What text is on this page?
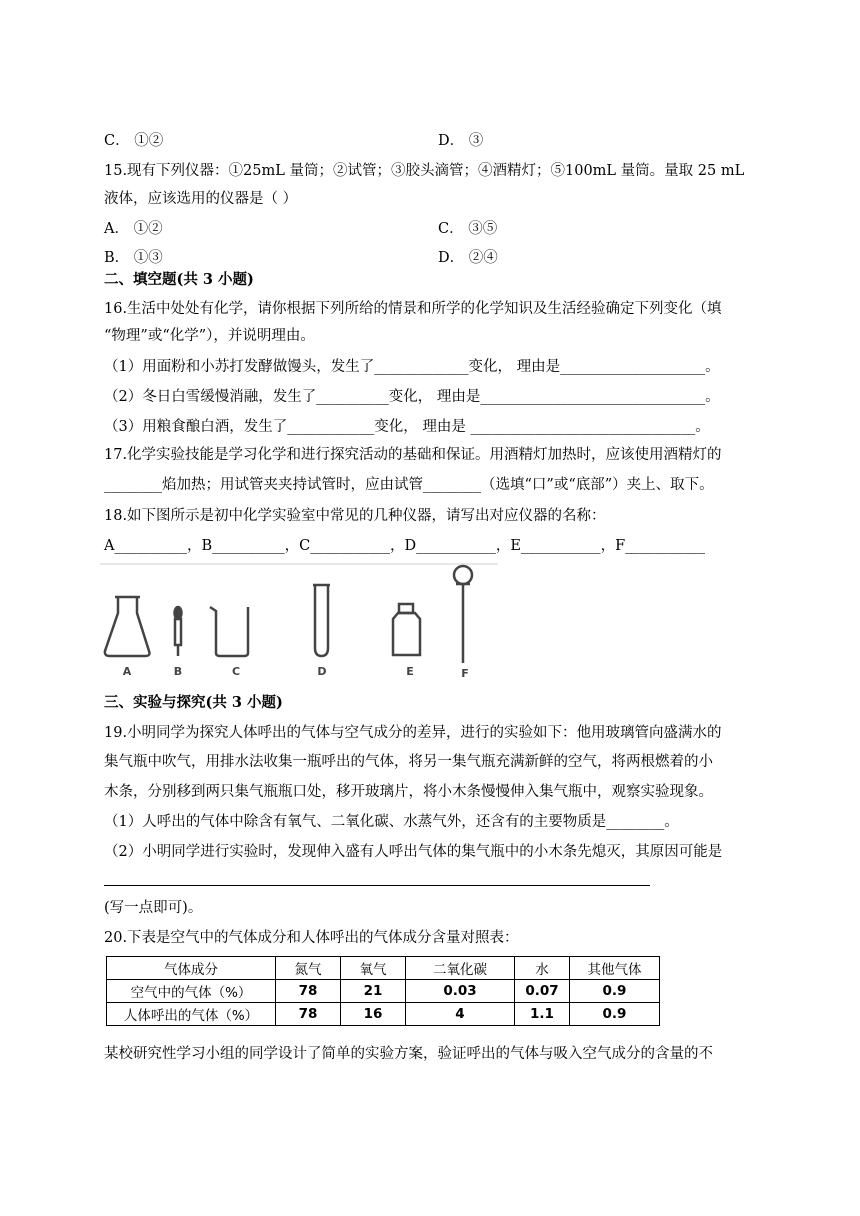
C． ①②	D． ③
15.现有下列仪器：①25mL 量筒；②试管；③胶头滴管；④酒精灯；⑤100mL 量筒。量取 25 mL
液体，应该选用的仪器是（ ）
A． ①②	C． ③⑤
B． ①③	D． ②④
二、填空题(共 3 小题)
16.生活中处处有化学，请你根据下列所给的情景和所学的化学知识及生活经验确定下列变化（填
“物理”或“化学”），并说明理由。
（1）用面粉和小苏打发酵做馒头，发生了_____________变化， 理由是____________________。
（2）冬日白雪缓慢消融，发生了__________变化， 理由是_______________________________。
（3）用粮食酿白酒，发生了____________变化， 理由是 _______________________________。
17.化学实验技能是学习化学和进行探究活动的基础和保证。用酒精灯加热时，应该使用酒精灯的
________焰加热；用试管夹夹持试管时，应由试管________（选填“口”或“底部”）夹上、取下。
18.如下图所示是初中化学实验室中常见的几种仪器，请写出对应仪器的名称：
A__________，B__________，C___________，D___________，E___________，F___________
A	B	C	D	E	F
三、实验与探究(共 3 小题)
19.小明同学为探究人体呼出的气体与空气成分的差异，进行的实验如下：他用玻璃管向盛满水的
集气瓶中吹气，用排水法收集一瓶呼出的气体，将另一集气瓶充满新鲜的空气，将两根燃着的小
木条，分别移到两只集气瓶瓶口处，移开玻璃片，将小木条慢慢伸入集气瓶中，观察实验现象。
（1）人呼出的气体中除含有氧气、二氧化碳、水蒸气外，还含有的主要物质是________。
（2）小明同学进行实验时，发现伸入盛有人呼出气体的集气瓶中的小木条先熄灭，其原因可能是
(写一点即可)。
20.下表是空气中的气体成分和人体呼出的气体成分含量对照表：
气体成分	氮气	氧气	二氧化碳	水	其他气体
空气中的气体（%）	78	21	0.03	0.07	0.9
人体呼出的气体（%）	78	16	4	1.1	0.9
某校研究性学习小组的同学设计了简单的实验方案，验证呼出的气体与吸入空气成分的含量的不
